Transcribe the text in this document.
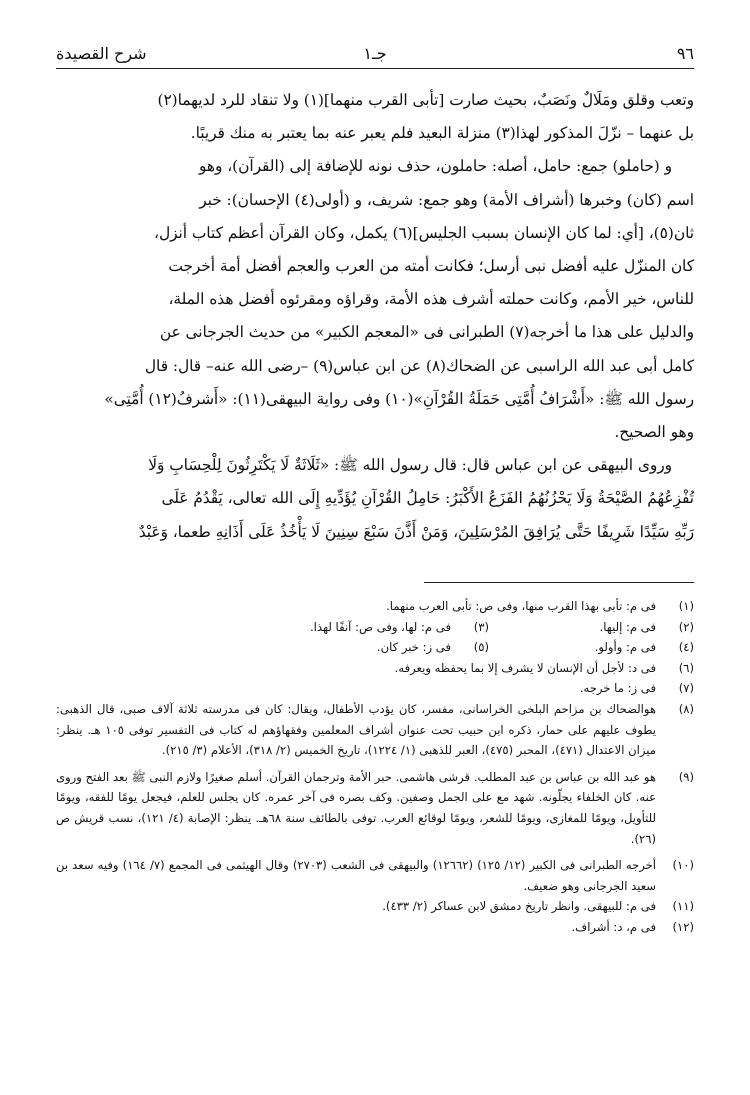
٩٦
جـ١
شرح القصيدة

وتعب وقلق ومَلَالٌ ونَصَبٌ، بحيث صارت [تأبى القرب منهما](١) ولا تنقاد للرد لديهما(٢)

بل عنهما – نزّلَ المذكور لهذا(٣) منزلة البعيد فلم يعبر عنه بما يعتبر به منك قريبًا.

و (حاملو) جمع: حامل، أصله: حاملون، حذف نونه للإضافة إلى (القرآن)، وهو

اسم (كان) وخبرها (أشراف الأمة) وهو جمع: شريف، و (أولى(٤) الإحسان): خبر

ثان(٥)، [أي: لما كان الإنسان بسبب الجليس](٦) يكمل، وكان القرآن أعظم كتاب أنزل،

كان المنزّل عليه أفضل نبى أرسل؛ فكانت أمته من العرب والعجم أفضل أمة أخرجت

للناس، خير الأمم، وكانت حملته أشرف هذه الأمة، وقراؤه ومقرئوه أفضل هذه الملة،

والدليل على هذا ما أخرجه(٧) الطبرانى فى «المعجم الكبير» من حديث الجرجانى عن

كامل أبى عبد الله الراسبى عن الضحاك(٨) عن ابن عباس(٩) –رضى الله عنه– قال: قال

رسول الله ﷺ: «أَشْرَافُ أُمَّتِى حَمَلَةُ القُرْآنِ»(١٠) وفى رواية البيهقى(١١): «أَشرفُ(١٢) أُمَّتِى»

وهو الصحيح.

وروى البيهقى عن ابن عباس قال: قال رسول الله ﷺ: «ثَلَاثَةٌ لَا يَكْتَرِثُونَ لِلْحِسَابِ وَلَا

تُفْزِعُهُمُ الصَّيْحَةُ وَلَا يَحْزُنُهُمُ الفَزَعُ الأَكْبَرُ: حَامِلُ القُرْآنِ يُؤَدِّيهِ إِلَى الله تعالى، يَقْدُمُ عَلَى

رَبِّهِ سَيِّدًا شَرِيفًا حَتَّى يُرَافِقَ المُرْسَلِينَ، وَمَنْ أَذَّنَ سَبْعَ سِنِينَ لَا يَأْخُذُ عَلَى أَذَانِهِ طعما، وَعَبْدٌ

(١)
فى م: تأبى بهذا القرب منها، وفى ص: تأبى العرب منهما.
(٢)
فى م: إليها.
(٣)
فى م: لها، وفى ص: آنفًا لهذا.
(٤)
فى م: وأولو.
(٥)
فى ز: خبر كان.
(٦)
فى د: لأجل أن الإنسان لا يشرف إلا بما يحفظه ويعرفه.
(٧)
فى ز: ما خرجه.
(٨)
هوالضحاك بن مزاحم البلخى الخراسانى، مفسر، كان يؤدب الأطفال، ويقال: كان فى مدرسته ثلاثة آلاف صبى، قال الذهبى: يطوف عليهم على حمار، ذكره ابن حبيب تحت عنوان أشراف المعلمين وفقهاؤهم له كتاب فى التفسير توفى ١٠٥ هـ. ينظر: ميزان الاعتدال (٤٧١)، المحبر (٤٧٥)، العبر للذهبى (١/ ١٢٢٤)، تاريخ الخميس (٢/ ٣١٨)، الأعلام (٣/ ٢١٥).
(٩)
هو عبد الله بن عباس بن عبد المطلب. قرشى هاشمى. حبر الأمة وترجمان القرآن. أسلم صغيرًا ولازم النبى ﷺ بعد الفتح وروى عنه. كان الخلفاء يجلّونه. شهد مع على الجمل وصفين. وكف بصره فى آخر عمره. كان يجلس للعلم، فيجعل يومًا للفقه، ويومًا للتأويل، ويومًا للمغازى، ويومًا للشعر، ويومًا لوقائع العرب. توفى بالطائف سنة ٦٨هـ. ينظر: الإصابة (٤/ ١٢١)، نسب قريش ص (٢٦).
(١٠)
أخرجه الطبرانى فى الكبير (١٢/ ١٢٥) (١٢٦٦٢) والبيهقى فى الشعب (٢٧٠٣) وقال الهيثمى فى المجمع (٧/ ١٦٤) وفيه سعد بن سعيد الجرجانى وهو ضعيف.
(١١)
فى م: للبيهقى. وانظر تاريخ دمشق لابن عساكر (٢/ ٤٣٣).
(١٢)
فى م، د: أشراف.
